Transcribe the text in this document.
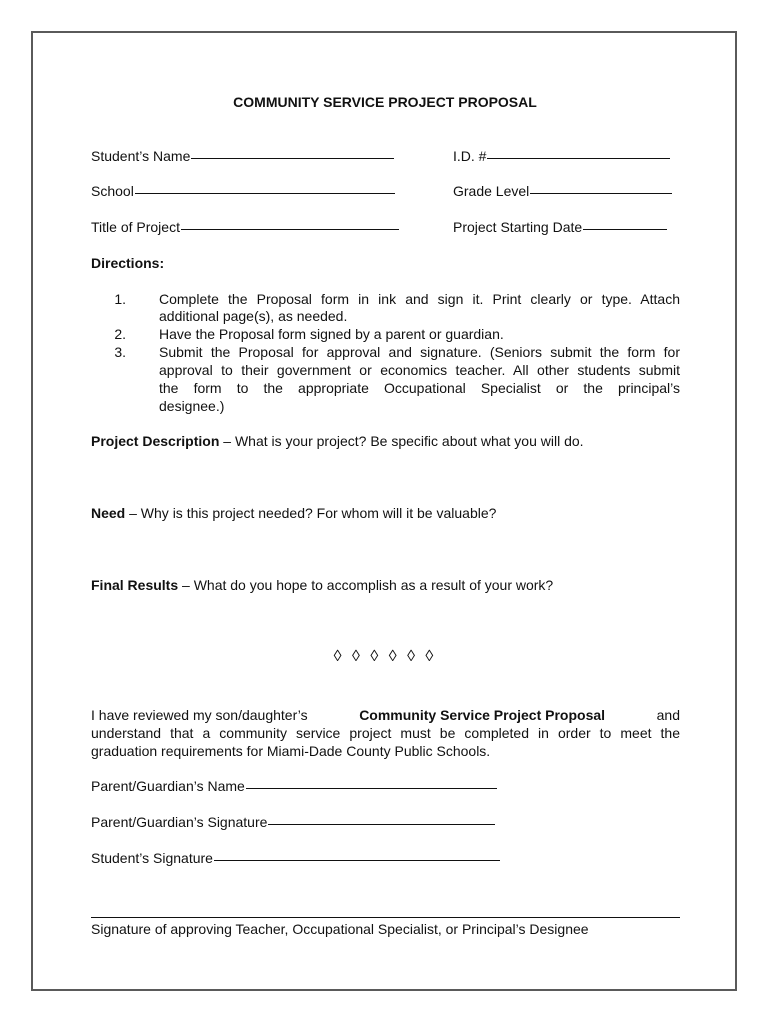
COMMUNITY SERVICE PROJECT PROPOSAL
Student’s Name	I.D. #
School	Grade Level
Title of Project	Project Starting Date
Directions:
1. Complete the Proposal form in ink and sign it. Print clearly or type. Attach
additional page(s), as needed.
2. Have the Proposal form signed by a parent or guardian.
3. Submit the Proposal for approval and signature. (Seniors submit the form for
approval to their government or economics teacher. All other students submit
the form to the appropriate Occupational Specialist or the principal’s
designee.)
Project Description – What is your project? Be specific about what you will do.
Need – Why is this project needed? For whom will it be valuable?
Final Results – What do you hope to accomplish as a result of your work?
◊ ◊ ◊ ◊ ◊ ◊
I have reviewed my son/daughter’s	Community Service Project Proposal	and
understand that a community service project must be completed in order to meet the
graduation requirements for Miami-Dade County Public Schools.
Parent/Guardian’s Name
Parent/Guardian’s Signature
Student’s Signature
Signature of approving Teacher, Occupational Specialist, or Principal’s Designee
